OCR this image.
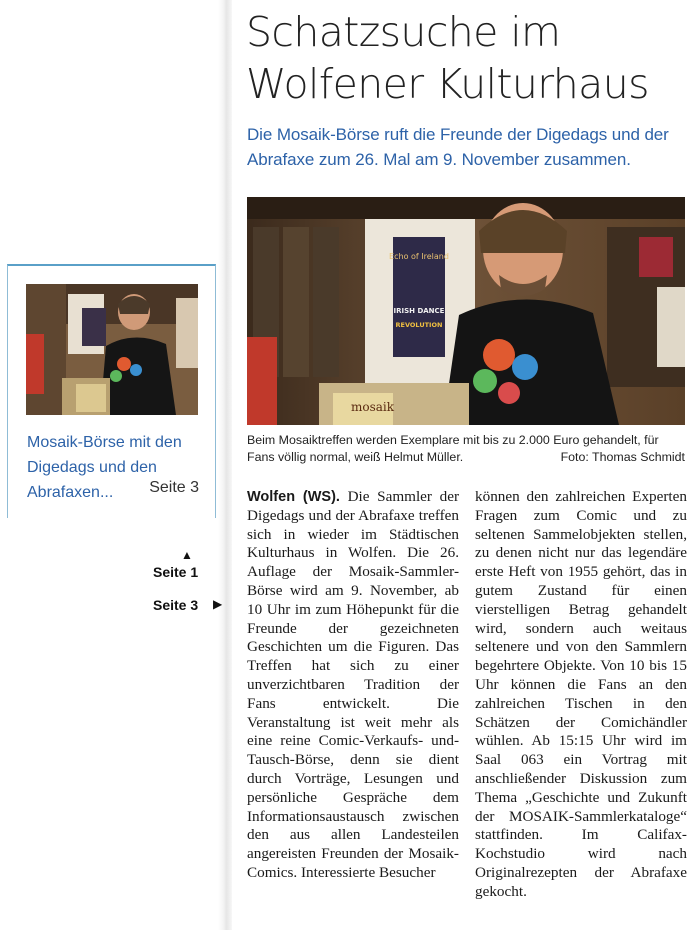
Mosaik-Börse mit den Digedags und den Abrafaxen...	Seite 3
▲
Seite 1
Seite 3 ▶
Schatzsuche im Wolfener Kulturhaus

Die Mosaik-Börse ruft die Freunde der Digedags und der Abrafaxe zum 26. Mal am 9. November zusammen.

Echo of Ireland
IRISH DANCE
REVOLUTION
mosaik
Beim Mosaiktreffen werden Exemplare mit bis zu 2.000 Euro gehandelt, für Fans völlig normal, weiß Helmut Müller.	Foto: Thomas Schmidt
Wolfen (WS). Die Sammler der Digedags und der Abrafaxe treffen sich in wieder im Städtischen Kulturhaus in Wolfen. Die 26. Auflage der Mosaik-Sammler-Börse wird am 9. November, ab 10 Uhr im zum Höhepunkt für die Freunde der gezeichneten Geschichten um die Figuren. Das Treffen hat sich zu einer unverzichtbaren Tradition der Fans entwickelt. Die Veranstaltung ist weit mehr als eine reine Comic-Verkaufs- und-Tausch-Börse, denn sie dient durch Vorträge, Lesungen und persönliche Gespräche dem Informationsaustausch zwischen den aus allen Landesteilen angereisten Freunden der Mosaik-Comics. Interessierte Besucher
können den zahlreichen Experten Fragen zum Comic und zu seltenen Sammelobjekten stellen, zu denen nicht nur das legendäre erste Heft von 1955 gehört, das in gutem Zustand für einen vierstelligen Betrag gehandelt wird, sondern auch weitaus seltenere und von den Sammlern begehrtere Objekte. Von 10 bis 15 Uhr können die Fans an den zahlreichen Tischen in den Schätzen der Comichändler wühlen. Ab 15:15 Uhr wird im Saal 063 ein Vortrag mit anschließender Diskussion zum Thema „Geschichte und Zukunft der MOSAIK-Sammlerkataloge“ stattfinden. Im Califax-Kochstudio wird nach Originalrezepten der Abrafaxe gekocht.
